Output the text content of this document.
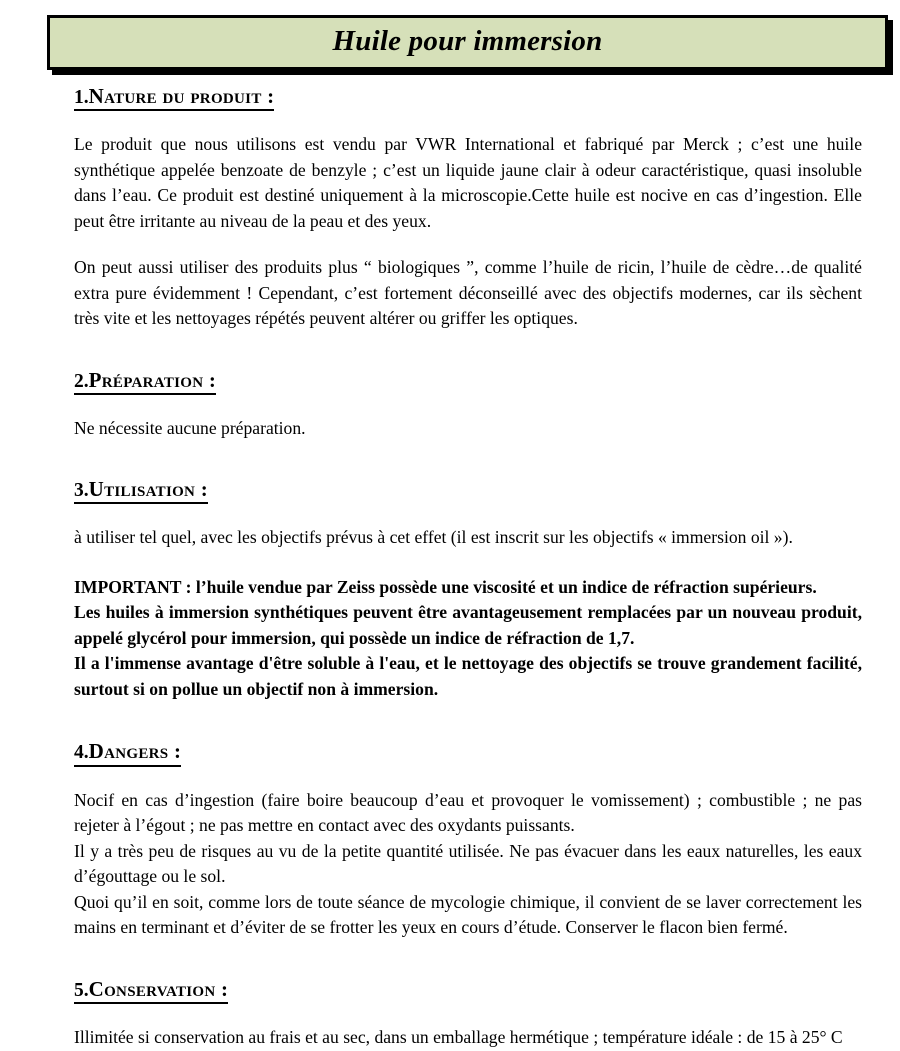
Huile pour immersion
1.Nature du produit :

Le produit que nous utilisons est vendu par VWR International et fabriqué par Merck ; c’est une huile synthétique appelée benzoate de benzyle ; c’est un liquide jaune clair à odeur caractéristique, quasi insoluble dans l’eau. Ce produit est destiné uniquement à la microscopie.Cette huile est nocive en cas d’ingestion. Elle peut être irritante au niveau de la peau et des yeux.

On peut aussi utiliser des produits plus “ biologiques ”, comme l’huile de ricin, l’huile de cèdre…de qualité extra pure évidemment ! Cependant, c’est fortement déconseillé avec des objectifs modernes, car ils sèchent très vite et les nettoyages répétés peuvent altérer ou griffer les optiques.

2.Préparation :

Ne nécessite aucune préparation.

3.Utilisation :

à utiliser tel quel, avec les objectifs prévus à cet effet (il est inscrit sur les objectifs « immersion oil »).

IMPORTANT : l’huile vendue par Zeiss possède une viscosité et un indice de réfraction supérieurs.

Les huiles à immersion synthétiques peuvent être avantageusement remplacées par un nouveau produit, appelé glycérol pour immersion, qui possède un indice de réfraction de 1,7.

Il a l'immense avantage d'être soluble à l'eau, et le nettoyage des objectifs se trouve grandement facilité, surtout si on pollue un objectif non à immersion.

4.Dangers :

Nocif en cas d’ingestion (faire boire beaucoup d’eau et provoquer le vomissement) ; combustible ; ne pas rejeter à l’égout ; ne pas mettre en contact avec des oxydants puissants.

Il y a très peu de risques au vu de la petite quantité utilisée. Ne pas évacuer dans les eaux naturelles, les eaux d’égouttage ou le sol.

Quoi qu’il en soit, comme lors de toute séance de mycologie chimique, il convient de se laver correctement les mains en terminant et d’éviter de se frotter les yeux en cours d’étude. Conserver le flacon bien fermé.

5.Conservation :

Illimitée si conservation au frais et au sec, dans un emballage hermétique ; température idéale : de 15 à 25° C
